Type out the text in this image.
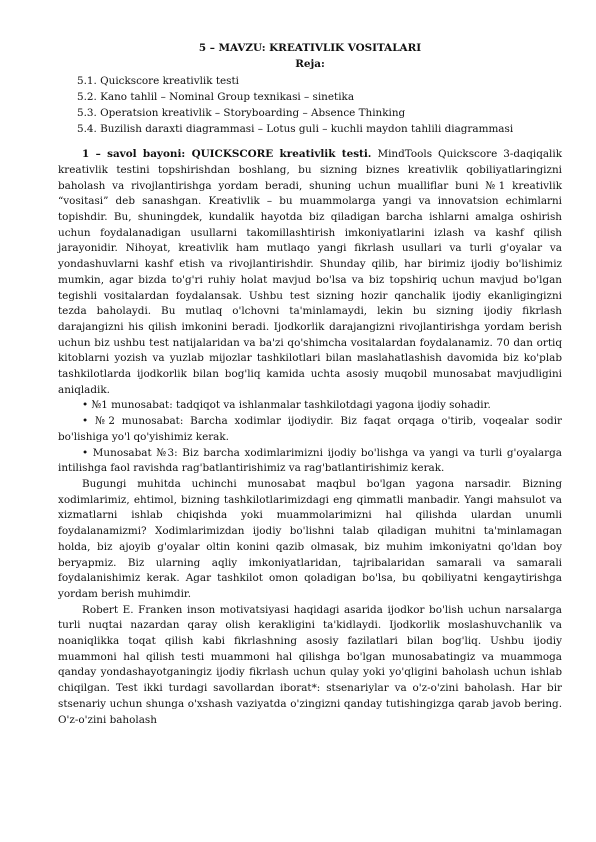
5 – MAVZU: KREATIVLIK VOSITALARI

Reja:

5.1. Quickscore kreativlik testi

5.2. Kano tahlil – Nominal Group texnikasi – sinetika

5.3. Operatsion kreativlik – Storyboarding – Absence Thinking

5.4. Buzilish daraxti diagrammasi – Lotus guli – kuchli maydon tahlili diagrammasi

1 – savol bayoni: QUICKSCORE kreativlik testi. MindTools Quickscore 3-daqiqalik kreativlik testini topshirishdan boshlang, bu sizning biznes kreativlik qobiliyatlaringizni baholash va rivojlantirishga yordam beradi, shuning uchun mualliflar buni №1 kreativlik “vositasi” deb sanashgan. Kreativlik – bu muammolarga yangi va innovatsion echimlarni topishdir. Bu, shuningdek, kundalik hayotda biz qiladigan barcha ishlarni amalga oshirish uchun foydalanadigan usullarni takomillashtirish imkoniyatlarini izlash va kashf qilish jarayonidir. Nihoyat, kreativlik ham mutlaqo yangi fikrlash usullari va turli g'oyalar va yondashuvlarni kashf etish va rivojlantirishdir. Shunday qilib, har birimiz ijodiy bo'lishimiz mumkin, agar bizda to'g'ri ruhiy holat mavjud bo'lsa va biz topshiriq uchun mavjud bo'lgan tegishli vositalardan foydalansak. Ushbu test sizning hozir qanchalik ijodiy ekanligingizni tezda baholaydi. Bu mutlaq o'lchovni ta'minlamaydi, lekin bu sizning ijodiy fikrlash darajangizni his qilish imkonini beradi. Ijodkorlik darajangizni rivojlantirishga yordam berish uchun biz ushbu test natijalaridan va ba'zi qo'shimcha vositalardan foydalanamiz. 70 dan ortiq kitoblarni yozish va yuzlab mijozlar tashkilotlari bilan maslahatlashish davomida biz ko'plab tashkilotlarda ijodkorlik bilan bog'liq kamida uchta asosiy muqobil munosabat mavjudligini aniqladik.

• №1 munosabat: tadqiqot va ishlanmalar tashkilotdagi yagona ijodiy sohadir.

• №2 munosabat: Barcha xodimlar ijodiydir. Biz faqat orqaga o'tirib, voqealar sodir bo'lishiga yo'l qo'yishimiz kerak.

• Munosabat №3: Biz barcha xodimlarimizni ijodiy bo'lishga va yangi va turli g'oyalarga intilishga faol ravishda rag'batlantirishimiz va rag'batlantirishimiz kerak.

Bugungi muhitda uchinchi munosabat maqbul bo'lgan yagona narsadir. Bizning xodimlarimiz, ehtimol, bizning tashkilotlarimizdagi eng qimmatli manbadir. Yangi mahsulot va xizmatlarni ishlab chiqishda yoki muammolarimizni hal qilishda ulardan unumli foydalanamizmi? Xodimlarimizdan ijodiy bo'lishni talab qiladigan muhitni ta'minlamagan holda, biz ajoyib g'oyalar oltin konini qazib olmasak, biz muhim imkoniyatni qo'ldan boy beryapmiz. Biz ularning aqliy imkoniyatlaridan, tajribalaridan samarali va samarali foydalanishimiz kerak. Agar tashkilot omon qoladigan bo'lsa, bu qobiliyatni kengaytirishga yordam berish muhimdir.

Robert E. Franken inson motivatsiyasi haqidagi asarida ijodkor bo'lish uchun narsalarga turli nuqtai nazardan qaray olish kerakligini ta'kidlaydi. Ijodkorlik moslashuvchanlik va noaniqlikka toqat qilish kabi fikrlashning asosiy fazilatlari bilan bog'liq. Ushbu ijodiy muammoni hal qilish testi muammoni hal qilishga bo'lgan munosabatingiz va muammoga qanday yondashayotganingiz ijodiy fikrlash uchun qulay yoki yo'qligini baholash uchun ishlab chiqilgan. Test ikki turdagi savollardan iborat*: stsenariylar va o'z-o'zini baholash. Har bir stsenariy uchun shunga o'xshash vaziyatda o'zingizni qanday tutishingizga qarab javob bering. O'z-o'zini baholash
